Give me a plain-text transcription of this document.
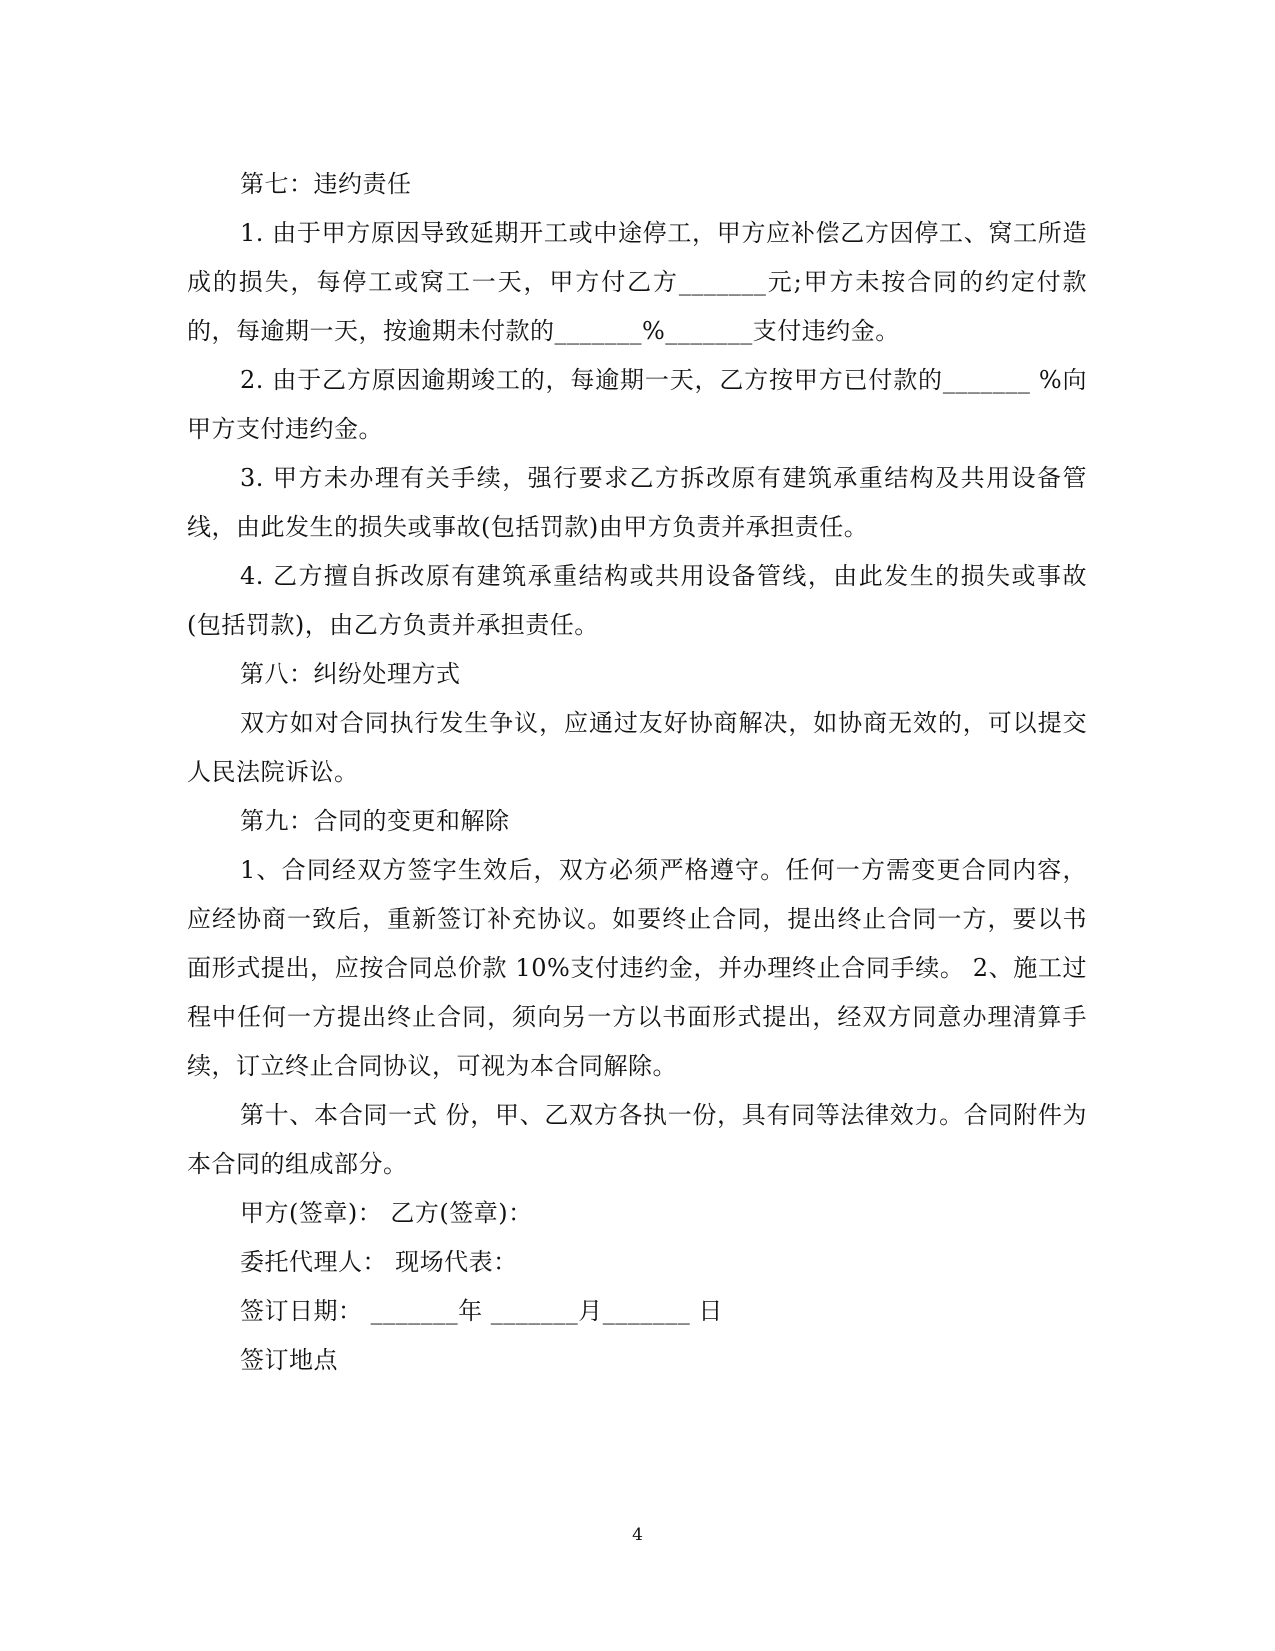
第七：违约责任

1. 由于甲方原因导致延期开工或中途停工，甲方应补偿乙方因停工、窝工所造成的损失，每停工或窝工一天，甲方付乙方_______元;甲方未按合同的约定付款的，每逾期一天，按逾期未付款的_______%_______支付违约金。

2. 由于乙方原因逾期竣工的，每逾期一天，乙方按甲方已付款的_______ %向甲方支付违约金。

3. 甲方未办理有关手续，强行要求乙方拆改原有建筑承重结构及共用设备管线，由此发生的损失或事故(包括罚款)由甲方负责并承担责任。

4. 乙方擅自拆改原有建筑承重结构或共用设备管线，由此发生的损失或事故(包括罚款)，由乙方负责并承担责任。

第八：纠纷处理方式

双方如对合同执行发生争议，应通过友好协商解决，如协商无效的，可以提交人民法院诉讼。

第九：合同的变更和解除

1、合同经双方签字生效后，双方必须严格遵守。任何一方需变更合同内容，应经协商一致后，重新签订补充协议。如要终止合同，提出终止合同一方，要以书面形式提出，应按合同总价款 10%支付违约金，并办理终止合同手续。 2、施工过程中任何一方提出终止合同，须向另一方以书面形式提出，经双方同意办理清算手续，订立终止合同协议，可视为本合同解除。

第十、本合同一式 份，甲、乙双方各执一份，具有同等法律效力。合同附件为本合同的组成部分。

甲方(签章)： 乙方(签章)：

委托代理人： 现场代表：

签订日期： _______年 _______月_______ 日

签订地点

4
